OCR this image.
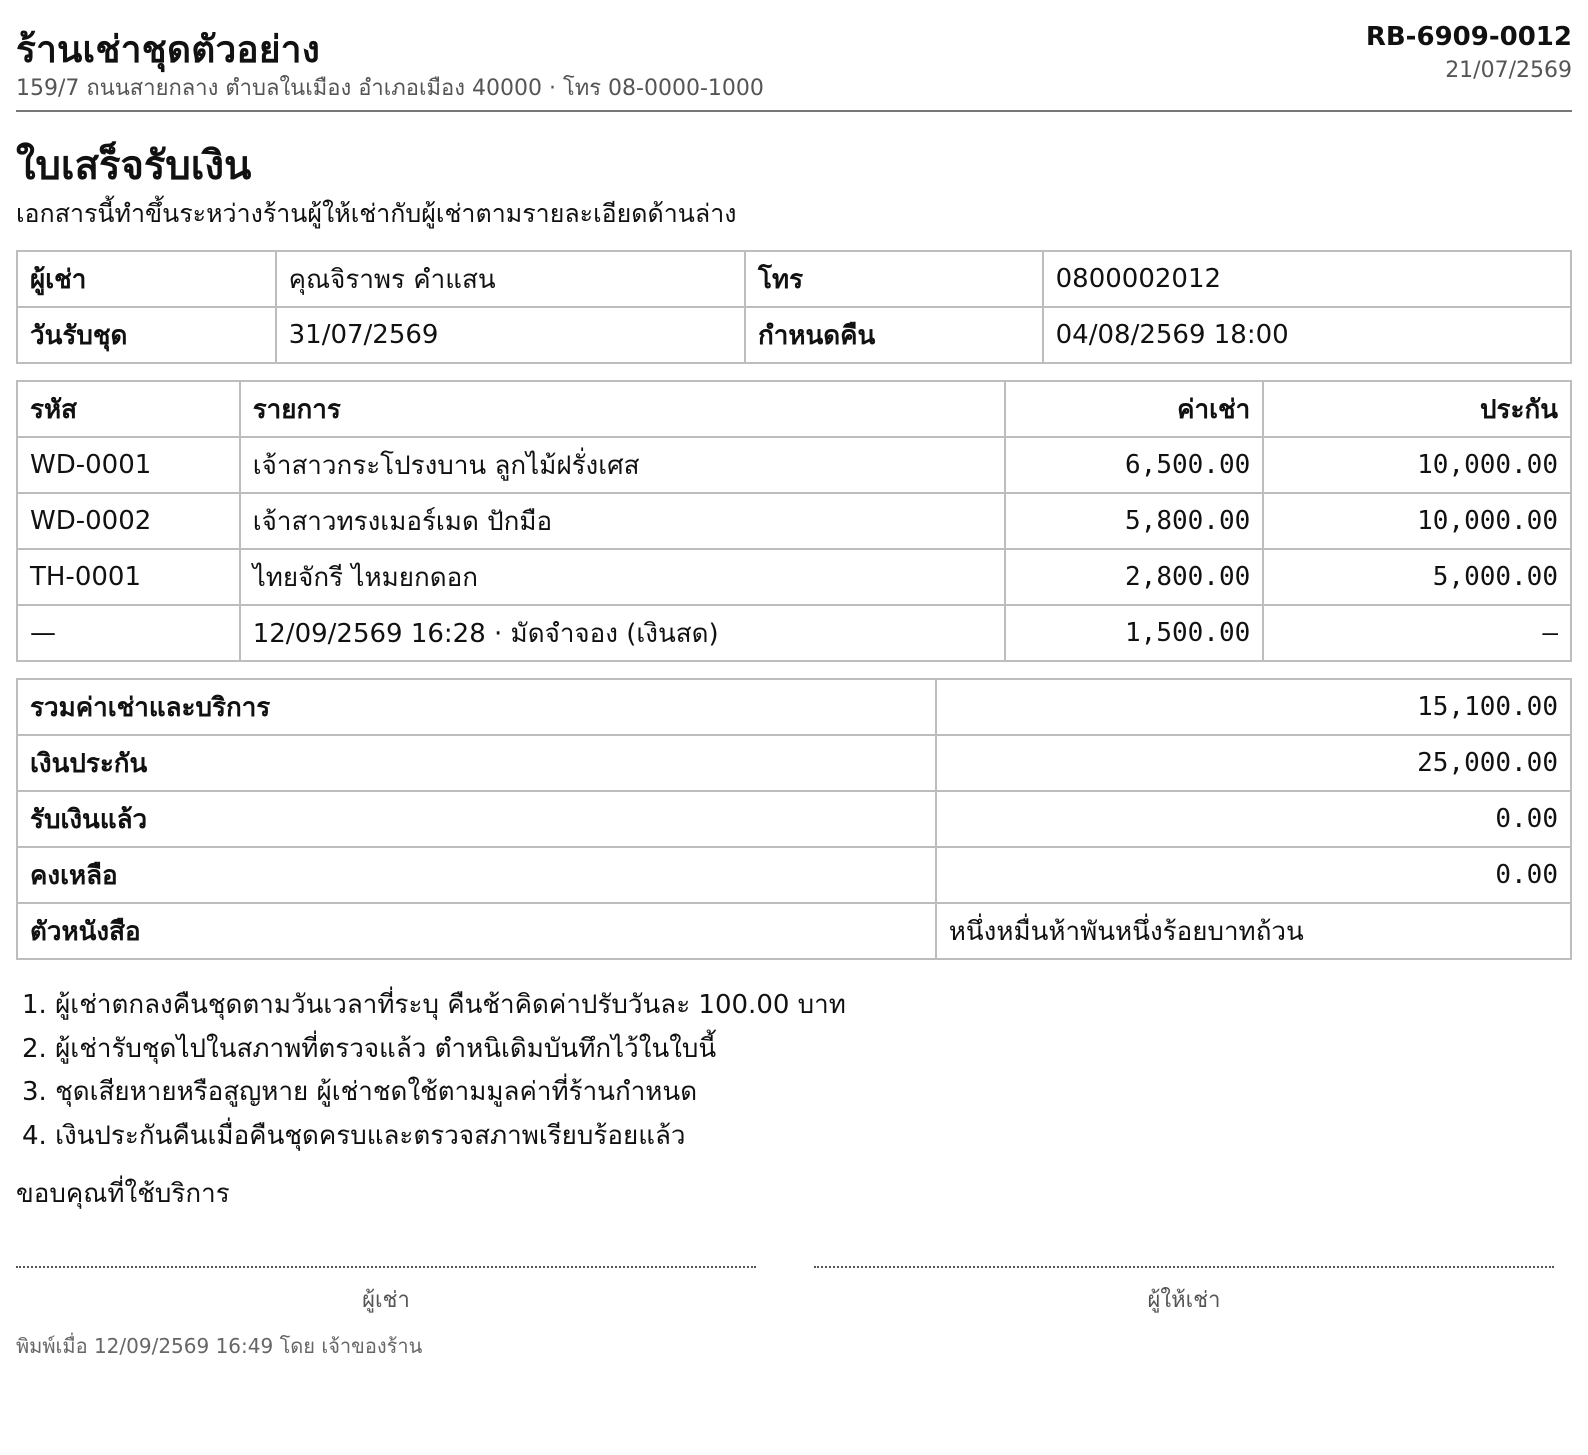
ร้านเช่าชุดตัวอย่าง
159/7 ถนนสายกลาง ตำบลในเมือง อำเภอเมือง 40000 · โทร 08-0000-1000
RB-6909-0012
21/07/2569
ใบเสร็จรับเงิน
เอกสารนี้ทำขึ้นระหว่างร้านผู้ให้เช่ากับผู้เช่าตามรายละเอียดด้านล่าง
ผู้เช่า	คุณจิราพร คำแสน	โทร	0800002012
วันรับชุด	31/07/2569	กำหนดคืน	04/08/2569 18:00
รหัส	รายการ	ค่าเช่า	ประกัน
WD-0001	เจ้าสาวกระโปรงบาน ลูกไม้ฝรั่งเศส	6,500.00	10,000.00
WD-0002	เจ้าสาวทรงเมอร์เมด ปักมือ	5,800.00	10,000.00
TH-0001	ไทยจักรี ไหมยกดอก	2,800.00	5,000.00
—	12/09/2569 16:28 · มัดจำจอง (เงินสด)	1,500.00	—
รวมค่าเช่าและบริการ	15,100.00
เงินประกัน	25,000.00
รับเงินแล้ว	0.00
คงเหลือ	0.00
ตัวหนังสือ	หนึ่งหมื่นห้าพันหนึ่งร้อยบาทถ้วน
1. ผู้เช่าตกลงคืนชุดตามวันเวลาที่ระบุ คืนช้าคิดค่าปรับวันละ 100.00 บาท
2. ผู้เช่ารับชุดไปในสภาพที่ตรวจแล้ว ตำหนิเดิมบันทึกไว้ในใบนี้
3. ชุดเสียหายหรือสูญหาย ผู้เช่าชดใช้ตามมูลค่าที่ร้านกำหนด
4. เงินประกันคืนเมื่อคืนชุดครบและตรวจสภาพเรียบร้อยแล้ว
ขอบคุณที่ใช้บริการ
ผู้เช่า	ผู้ให้เช่า
พิมพ์เมื่อ 12/09/2569 16:49 โดย เจ้าของร้าน
